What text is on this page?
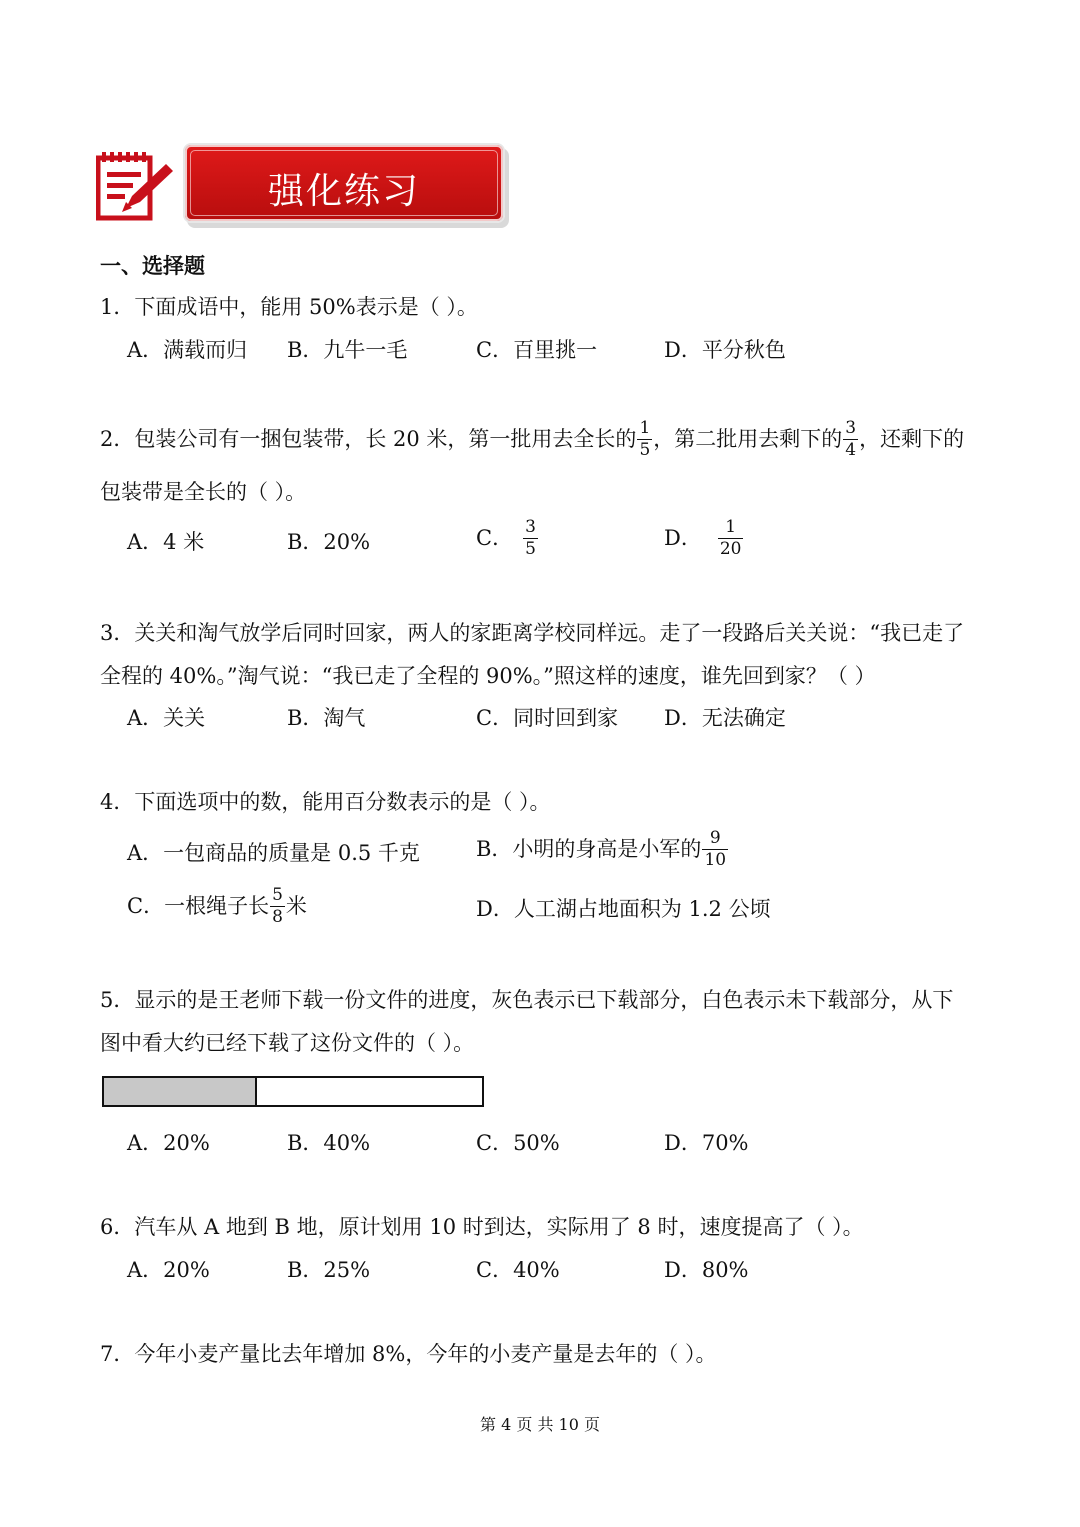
强化练习
一、选择题
1．下面成语中，能用 50%表示是（ ）。
A．满载而归 B．九牛一毛	C．百里挑一	D．平分秋色
2．包装公司有一捆包装带，长 20 米，第一批用去全长的 $\frac{1}{5}$ ，第二批用去剩下的 $\frac{3}{4}$ ，还剩下的
包装带是全长的（ ）。
A．4 米	B．20%	C． $\frac{3}{5}$	D． $\frac{1}{20}$
3．关关和淘气放学后同时回家，两人的家距离学校同样远。走了一段路后关关说：“我已走了
全程的 40%。”淘气说：“我已走了全程的 90%。”照这样的速度，谁先回到家？（ ）
A．关关	B．淘气	C．同时回到家 D．无法确定
4．下面选项中的数，能用百分数表示的是（ ）。
A．一包商品的质量是 0.5 千克	B．小明的身高是小军的 $\frac{9}{10}$
C．一根绳子长 $\frac{5}{8}$ 米	D．人工湖占地面积为 1.2 公顷
5．显示的是王老师下载一份文件的进度，灰色表示已下载部分，白色表示未下载部分，从下
图中看大约已经下载了这份文件的（ ）。
A．20%	B．40%	C．50%	D．70%
6．汽车从 A 地到 B 地，原计划用 10 时到达，实际用了 8 时，速度提高了（ ）。
A．20%	B．25%	C．40%	D．80%
7．今年小麦产量比去年增加 8%，今年的小麦产量是去年的（ ）。
第 4 页 共 10 页
